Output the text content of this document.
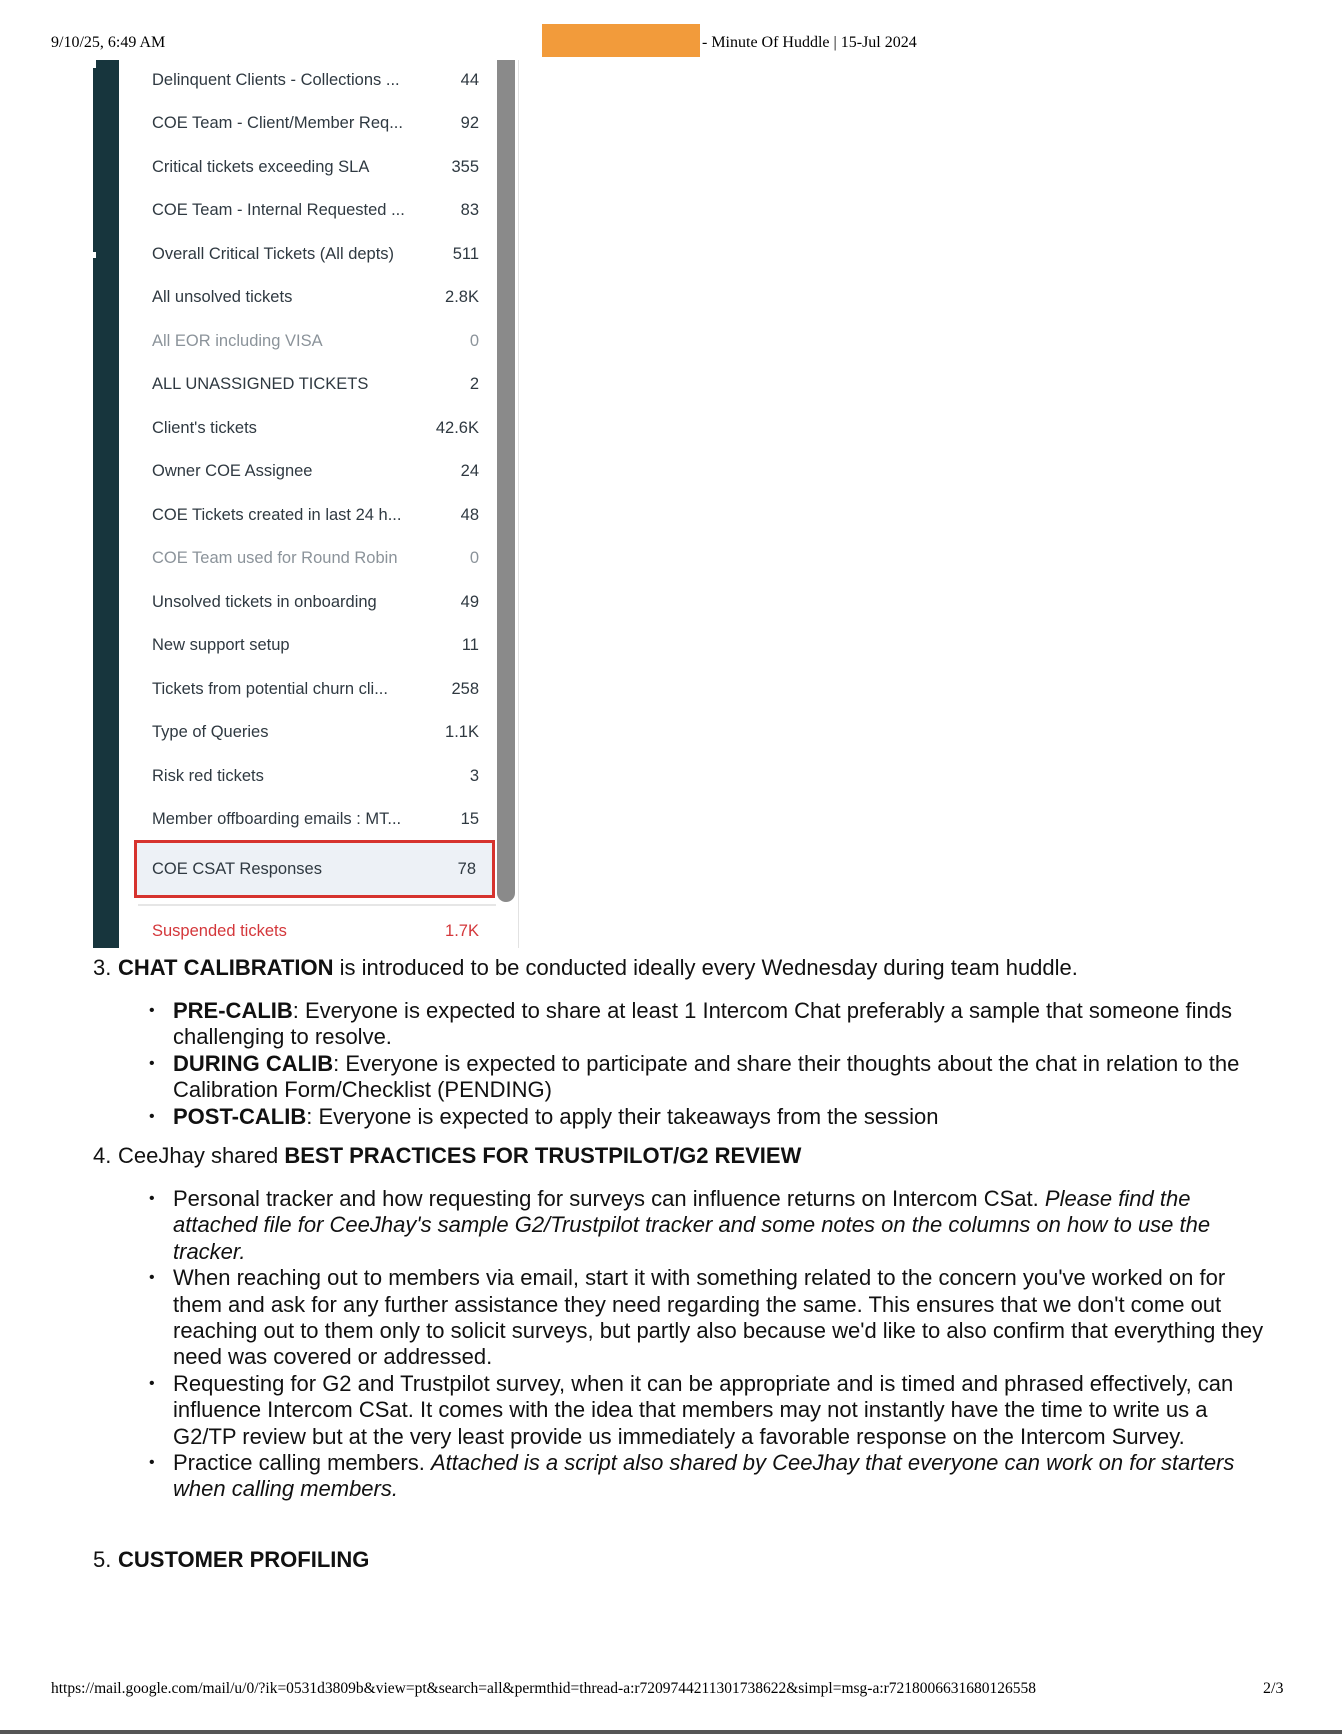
9/10/25, 6:49 AM	- Minute Of Huddle | 15-Jul 2024
Delinquent Clients - Collections ...	44
COE Team - Client/Member Req...	92
Critical tickets exceeding SLA	355
COE Team - Internal Requested ...	83
Overall Critical Tickets (All depts)	511
All unsolved tickets	2.8K
All EOR including VISA	0
ALL UNASSIGNED TICKETS	2
Client's tickets	42.6K
Owner COE Assignee	24
COE Tickets created in last 24 h...	48
COE Team used for Round Robin	0
Unsolved tickets in onboarding	49
New support setup	11
Tickets from potential churn cli...	258
Type of Queries	1.1K
Risk red tickets	3
Member offboarding emails : MT...	15
COE CSAT Responses	78
Suspended tickets	1.7K

3. CHAT CALIBRATION is introduced to be conducted ideally every Wednesday during team huddle.

• PRE-CALIB: Everyone is expected to share at least 1 Intercom Chat preferably a sample that someone finds challenging to resolve.
• DURING CALIB: Everyone is expected to participate and share their thoughts about the chat in relation to the Calibration Form/Checklist (PENDING)
• POST-CALIB: Everyone is expected to apply their takeaways from the session

4. CeeJhay shared BEST PRACTICES FOR TRUSTPILOT/G2 REVIEW

• Personal tracker and how requesting for surveys can influence returns on Intercom CSat. Please find the attached file for CeeJhay's sample G2/Trustpilot tracker and some notes on the columns on how to use the tracker.
• When reaching out to members via email, start it with something related to the concern you've worked on for them and ask for any further assistance they need regarding the same. This ensures that we don't come out reaching out to them only to solicit surveys, but partly also because we'd like to also confirm that everything they need was covered or addressed.
• Requesting for G2 and Trustpilot survey, when it can be appropriate and is timed and phrased effectively, can influence Intercom CSat. It comes with the idea that members may not instantly have the time to write us a G2/TP review but at the very least provide us immediately a favorable response on the Intercom Survey.
• Practice calling members. Attached is a script also shared by CeeJhay that everyone can work on for starters when calling members.

5. CUSTOMER PROFILING

https://mail.google.com/mail/u/0/?ik=0531d3809b&view=pt&search=all&permthid=thread-a:r7209744211301738622&simpl=msg-a:r7218006631680126558	2/3
